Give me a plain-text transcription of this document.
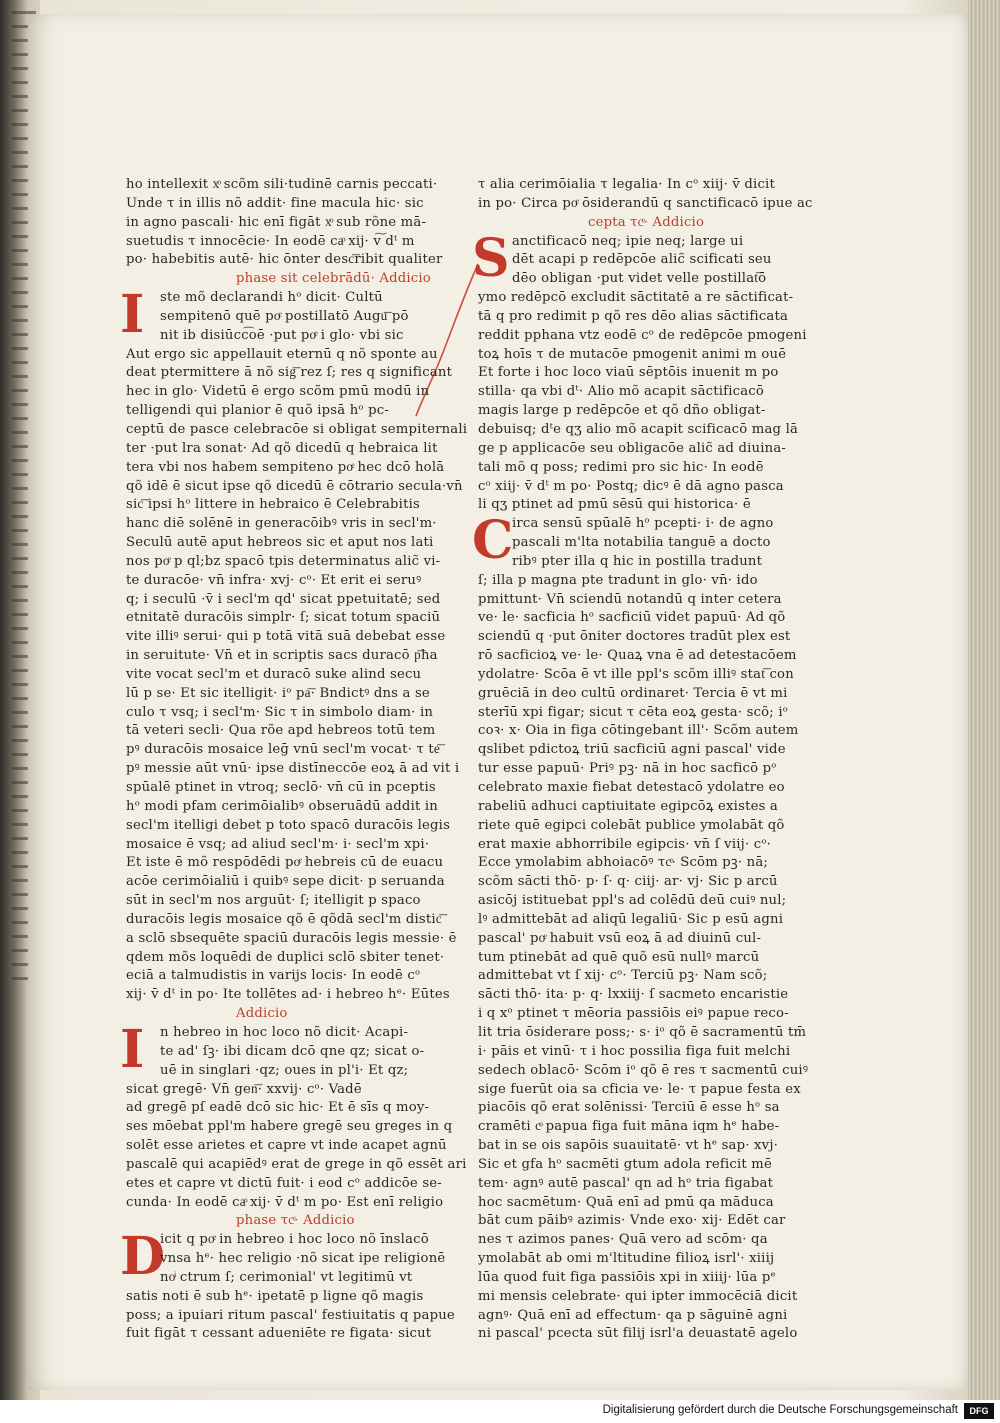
ho intellexit xͦ scõm sili·tudinē carnis peccati·
Unde τ in illis nõ addit· fine macula hic· sic
in agno pascali· hic enī figāt xͦ sub rõne mā-
suetudis τ innocēcie· In eodē caͦ xij· v͠ dᵗ m
po· habebitis autē· hic ōnter desc͞ribit qualiter
phase sit celebrādū· Addicio
I	ste mõ declarandi hᵒ dicit· Cultū
sempitenō quē poͤ postillatō Augu͞ pō
nit ib disiūcc͡oē ·put poͤ i glo· vbi sic
Aut ergo sic appellauit eternū q nõ sponte au
deat ptermittere ā nõ sig͞ rez ſ; res q significant
hec in glo· Videtū ē ergo scõm pmū modū in
telligendi qui planior ē quõ ipsā hᵒ pc-
ceptū de pasce celebracōe si obligat sempiternali
ter ·put lra sonat· Ad qõ dicedū q hebraica lit
tera vbi nos habem sempiteno poͤ hec dcō holā
qõ idē ē sicut ipse qõ dicedū ē cōtrario secula·vn̄
sic͞ ipsi hᵒ littere in hebraico ē Celebrabitis
hanc diē solēnē in generacōibꝰ vris in secl'm·
Seculū autē aput hebreos sic et aput nos lati
nos poͤ p ql;bz spacō tpis determinatus alic̃ vi-
te duracōe· vn̄ infra· xvj· cᵒ· Et erit ei seruꝰ
q; i seculū ·v̄ i secl'm qd' sicat ppetuitatē; sed
etnitatē duracōis simplr· ſ; sicat totum spaciū
vite illiꝰ serui· qui p totā vitā suā debebat esse
in seruitute· Vn̄ et in scriptis sacs duracō p͞ha
vite vocat secl'm et duracō suke alind secu
lū p se· Et sic itelligit· iᵒ pa͞· Bndictꝰ dns a se
culo τ vsq; i secl'm· Sic τ in simbolo diam· in
tā veteri secli· Qua rõe apd hebreos totū tem
pꝰ duracōis mosaice leḡ vnū secl'm vocat· τ te͞
pꝰ messie aūt vnū· ipse distīneccōe eoꝝ ā ad vit i
spūalē ptinet in vtroq; seclō· vn̄ cū in pceptis
hᵒ modi pfam cerimōialibꝰ obseruādū addit in
secl'm itelligi debet p toto spacō duracōis legis
mosaice ē vsq; ad aliud secl'm· i· secl'm xpi·
Et iste ē mõ respōdēdi poͤ hebreis cū de euacu
acōe cerimōialiū i quibꝰ sepe dicit· p seruanda
sūt in secl'm nos arguūt· ſ; itelligit p spaco
duracōis legis mosaice qõ ē qõdā secl'm distic͞
a sclō sbsequēte spaciū duracōis legis messie· ē
qdem mõs loquēdi de duplici sclō sbiter tenet·
eciā a talmudistis in varijs locis· In eodē cᵒ
xij· v̄ dᵗ in po· Ite tollētes ad· i hebreo hᵉ· Eūtes
Addicio
I	n hebreo in hoc loco nõ dicit· Acapi-
te ad' ſꝫ· ibi dicam dcō qne qz; sicat o-
uē in singlari ·qz; oues in pl'i· Et qz;
sicat gregē· Vn̄ gen͞· xxvij· cᵒ· Vadē
ad gregē pſ eadē dcō sic hic· Et ē sīs q moy-
ses mōebat ppl'm habere gregē seu greges in q
solēt esse arietes et capre vt inde acapet agnū
pascalē qui acapiēdꝰ erat de grege in qõ essēt ari
etes et capre vt dictū fuit· i eod cᵒ addicōe se-
cunda· In eodē caͦ xij· v̄ dᵗ m po· Est enī religio
phase τcͤ· Addicio
D
icit q poͤ in hebreo i hoc loco nõ īnslacō
vnsa hᵉ· hec religio ·nõ sicat ipe religionē
noͥ ctrum ſ; cerimonial' vt legitimū vt
satis noti ē sub hᵉ· ipetatē p ligne qõ magis
poss; a ipuiari ritum pascal' festiuitatis q papue
fuit figāt τ cessant adueniēte re figata· sicut
τ alia cerimōialia τ legalia· In cᵒ xiij· v̄ dicit
in po· Circa poͤ ōsiderandū q sanctificacō ipue ac
cepta τcͤ· Addicio
S anctificacō neq; ipie neq; large ui
dēt acapi p redēpcōe alic̃ scificati seu
dēo obligan ·put videt velle postillat͞ō
ymo redēpcō excludit sāctitatē a re sāctificat-
tā q pro redimit p qõ res dēo alias sāctificata
reddit pphana vtz eodē cᵒ de redēpcōe pmogeni
toꝝ hoīs τ de mutacōe pmogenit animi m ouē
Et forte i hoc loco viaū sēptōis inuenit m po
stilla· qa vbi dᵗ· Alio mõ acapit sāctificacō
magis large p redēpcōe et qõ dño obligat-
debuisq; dᵗe qʒ alio mõ acapit scificacō mag lā
ge p applicacōe seu obligacōe alic̃ ad diuina-
tali mõ q poss; redimi pro sic hic· In eodē
cᵒ xiij· v̄ dᵗ m po· Postq; dicꝰ ē dā agno pasca
li qʒ ptinet ad pmū sēsū qui historica· ē
C
irca sensū spūalē hᵒ pcepti· i· de agno
pascali m'lta notabilia tanguē a docto
ribꝰ pter illa q hic in postilla tradunt
ſ; illa p magna pte tradunt in glo· vn̄· ido
pmittunt· Vn̄ sciendū notandū q inter cetera
ve· le· sacficia hᵒ sacficiū videt papuū· Ad qõ
sciendū q ·put ōniter doctores tradūt plex est
rō sacficioꝝ ve· le· Quaꝝ vna ē ad detestacōem
ydolatre· Scōa ē vt ille ppl's scõm illiꝰ stat͞ con
gruēciā in deo cultū ordinaret· Tercia ē vt mi
sterīū xpi figar; sicut τ cēta eoꝝ gesta· scõ; iᵒ
coꝛ· x· Oia in figa cōtingebant ill'· Scõm autem
qslibet pdictoꝝ triū sacficiū agni pascal' vide
tur esse papuū· Priꝰ pꝫ· nā in hoc sacficō pᵒ
celebrato maxie fiebat detestacō ydolatre eo
rabeliū adhuci captiuitate egipcōꝝ existes a
riete quē egipci colebāt publice ymolabāt qõ
erat maxie abhorribile egipcis· vn̄ ſ viij· cᵒ·
Ecce ymolabim abhoiacōꝰ τcͤ· Scōm pꝫ· nā;
scõm sācti thō· p· ſ· q· ciij· ar· vj· Sic p arcū
asicōj istituebat ppl's ad colēdū deū cuiꝰ nul;
lꝰ admittebāt ad aliqū legaliū· Sic p esū agni
pascal' poͤ habuit vsū eoꝝ ā ad diuinū cul-
tum ptinebāt ad quē quõ esū nullꝰ marcū
admittebat vt ſ xij· cᵒ· Terciū pꝫ· Nam scõ;
sācti thō· ita· p· q· lxxiij· ſ sacmeto encaristie
i q xᵒ ptinet τ mēoria passiōis eiꝰ papue reco-
lit tria ōsiderare poss;· s· iᵒ qõ ē sacramentū tm̄
i· pāis et vinū· τ i hoc possilia figa fuit melchi
sedech oblacō· Scōm iᵒ qõ ē res τ sacmentū cuiꝰ
sige fuerūt oia sa cficia ve· le· τ papue festa ex
piacōis qõ erat solēnissi· Terciū ē esse hᵒ sa
cramēti cͦ papua figa fuit māna iqm hᵉ habe-
bat in se ois sapōis suauitatē· vt hᵉ sap· xvj·
Sic et gfa hᵒ sacmēti gtum adola reficit mē
tem· agnꝰ autē pascal' qn ad hᵒ tria figabat
hoc sacmētum· Quā enī ad pmū qa māduca
bāt cum pāibꝰ azimis· Vnde exo· xij· Edēt car
nes τ azimos panes· Quā vero ad scōm· qa
ymolabāt ab omi m'ltitudine filioꝝ isrl'· xiiij
lūa quod fuit figa passiōis xpi in xiiij· lūa pᵉ
mi mensis celebrate· qui ipter immocēciā dicit
agnꝰ· Quā enī ad effectum· qa p sāguinē agni
ni pascal' pcecta sūt filij isrl'a deuastatē agelo
Digitalisierung gefördert durch die Deutsche Forschungsgemeinschaft	DFG
